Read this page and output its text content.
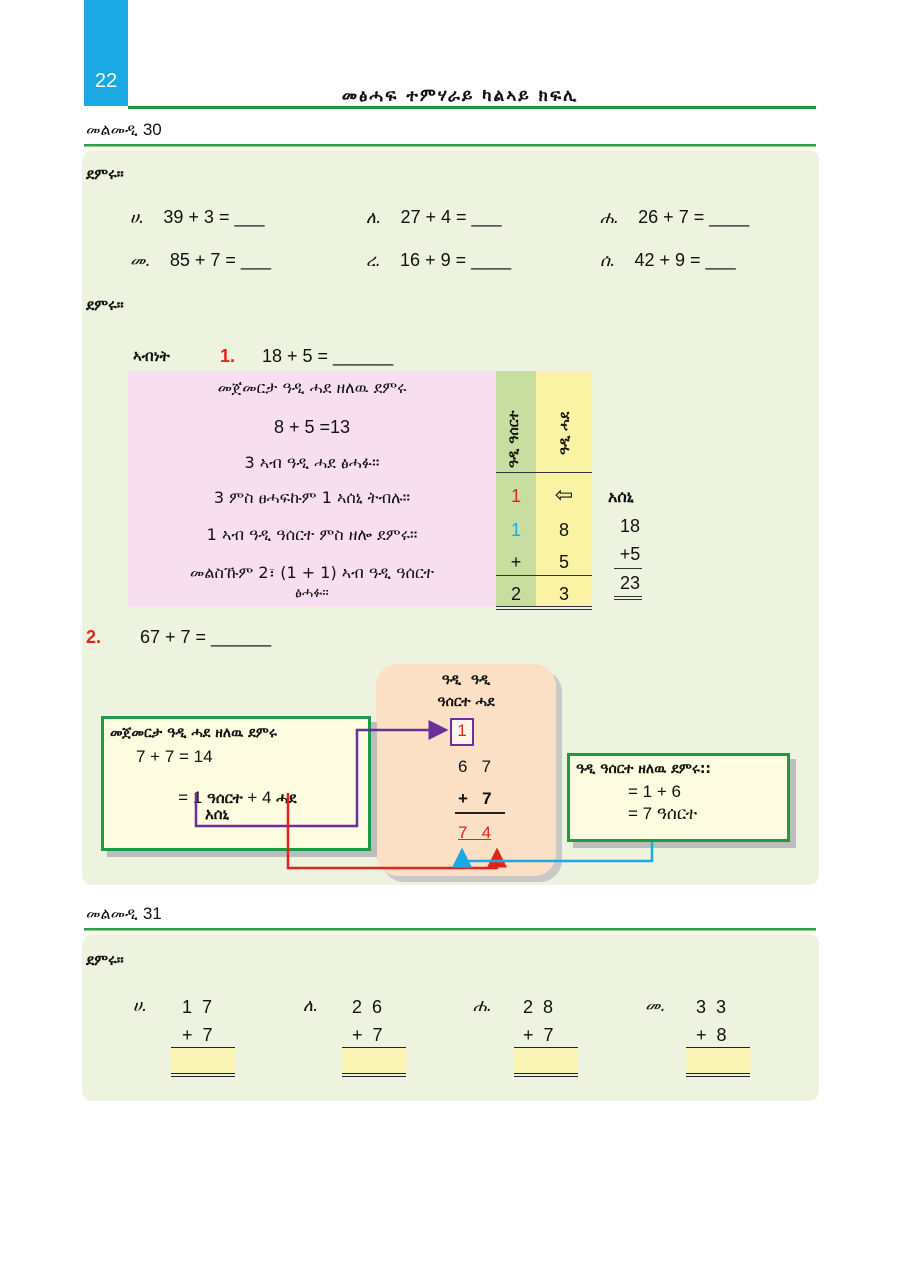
22
መፅሓፍ ተምሃራይ ካልኣይ ክፍሊ
መልመዲ 30
ደምሩ።
ሀ. 39 + 3 = ___	ለ. 27 + 4 = ___	ሐ. 26 + 7 = ____
መ. 85 + 7 = ___	ረ. 16 + 9 = ____	ሰ. 42 + 9 = ___
ደምሩ።
ኣብነት	1. 18 + 5 = ______
መጀመርታ ዓዲ ሓደ ዘለዉ ደምሩ
8 + 5 =13
3 ኣብ ዓዲ ሓደ ፅሓፉ።
3 ምስ ፀሓፍኩም 1 ኣሰኒ ትብሉ።
1 ኣብ ዓዲ ዓሰርተ ምስ ዘሎ ደምሩ።
መልስኹም 2፣ (1 + 1) ኣብ ዓዲ ዓሰርተ
ፅሓፉ።
ዓዲ ዓሰርተ	ዓዲ ሓደ
1	⇦	አሰኒ
1	8
+	5
2	3
18
+5
23
2. 67 + 7 = ______
ዓዲ  ዓዲ
ዓሰርተ ሓደ
1
6   7
+   7
7   4
መጀመርታ ዓዲ ሓደ ዘለዉ ደምሩ
7 + 7 = 14

= 1 ዓሰርተ + 4 ሓደ

አሰኒ
ዓዲ ዓሰርተ ዘለዉ ደምሩ::
= 1 + 6
= 7 ዓሰርተ
መልመዲ 31
ደምሩ።
ሀ. 1  7
+  7
ለ. 2  6
+  7
ሐ. 2  8
+  7
መ. 3  3
+  8
